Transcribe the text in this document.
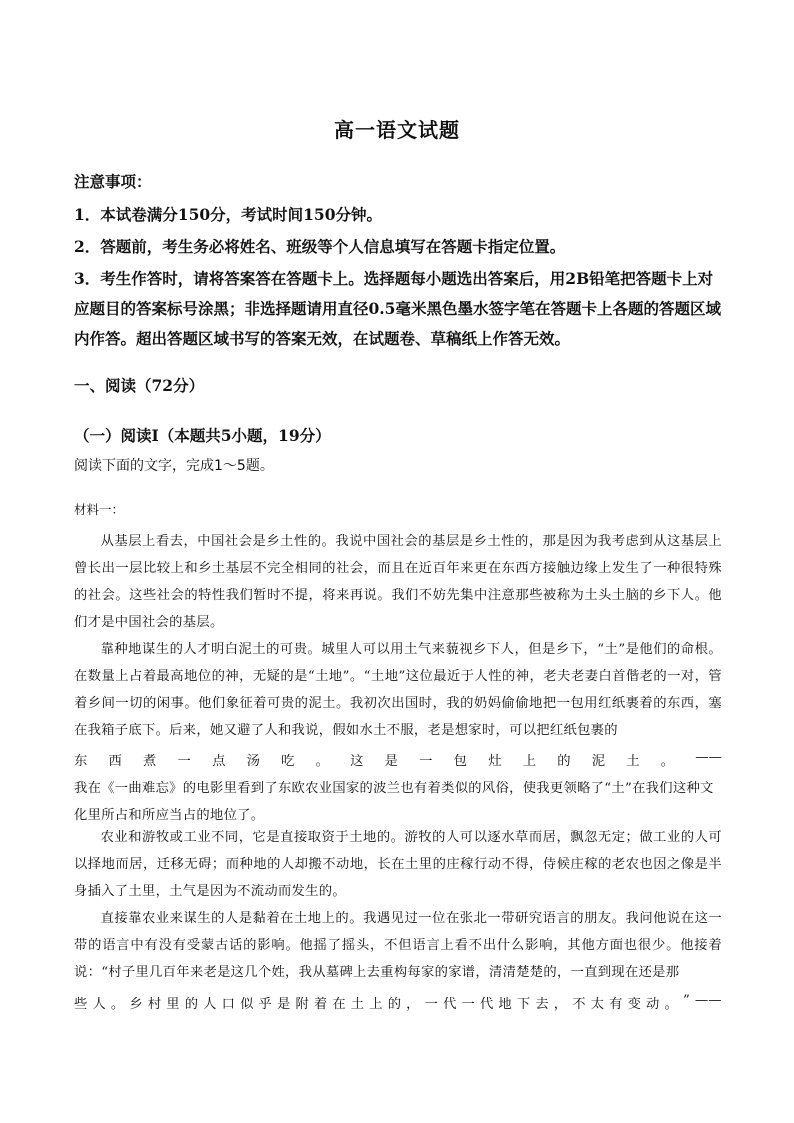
高一语文试题
注意事项：
1．本试卷满分150分，考试时间150分钟。
2．答题前，考生务必将姓名、班级等个人信息填写在答题卡指定位置。
3．考生作答时，请将答案答在答题卡上。选择题每小题选出答案后，用2B铅笔把答题卡上对应题目的答案标号涂黑；非选择题请用直径0.5毫米黑色墨水签字笔在答题卡上各题的答题区域内作答。超出答题区域书写的答案无效，在试题卷、草稿纸上作答无效。
一、阅读（72分）
（一）阅读I（本题共5小题，19分）
阅读下面的文字，完成1～5题。
材料一：

从基层上看去，中国社会是乡土性的。我说中国社会的基层是乡土性的，那是因为我考虑到从这基层上曾长出一层比较上和乡土基层不完全相同的社会，而且在近百年来更在东西方接触边缘上发生了一种很特殊的社会。这些社会的特性我们暂时不提，将来再说。我们不妨先集中注意那些被称为土头土脑的乡下人。他们才是中国社会的基层。

靠种地谋生的人才明白泥土的可贵。城里人可以用土气来藐视乡下人，但是乡下，“土”是他们的命根。在数量上占着最高地位的神，无疑的是“土地”。“土地”这位最近于人性的神，老夫老妻白首偕老的一对，管着乡间一切的闲事。他们象征着可贵的泥土。我初次出国时，我的奶妈偷偷地把一包用红纸裹着的东西，塞在我箱子底下。后来，她又避了人和我说，假如水土不服，老是想家时，可以把红纸包裹的

东 西 煮 一 点 汤 吃 。 这 是 一 包 灶 上 的 泥 土 。 ——
我在《一曲难忘》的电影里看到了东欧农业国家的波兰也有着类似的风俗，使我更领略了“土”在我们这种文化里所占和所应当占的地位了。

农业和游牧或工业不同，它是直接取资于土地的。游牧的人可以逐水草而居，飘忽无定；做工业的人可以择地而居，迁移无碍；而种地的人却搬不动地，长在土里的庄稼行动不得，侍候庄稼的老农也因之像是半身插入了土里，土气是因为不流动而发生的。

直接靠农业来谋生的人是黏着在土地上的。我遇见过一位在张北一带研究语言的朋友。我问他说在这一带的语言中有没有受蒙古话的影响。他摇了摇头，不但语言上看不出什么影响，其他方面也很少。他接着说：“村子里几百年来老是这几个姓，我从墓碑上去重构每家的家谱，清清楚楚的，一直到现在还是那

些 人 。 乡 村 里 的 人 口 似 乎 是 附 着 在 土 上 的 ， 一 代 一 代 地 下 去 ， 不 太 有 变 动 。 ” ——
